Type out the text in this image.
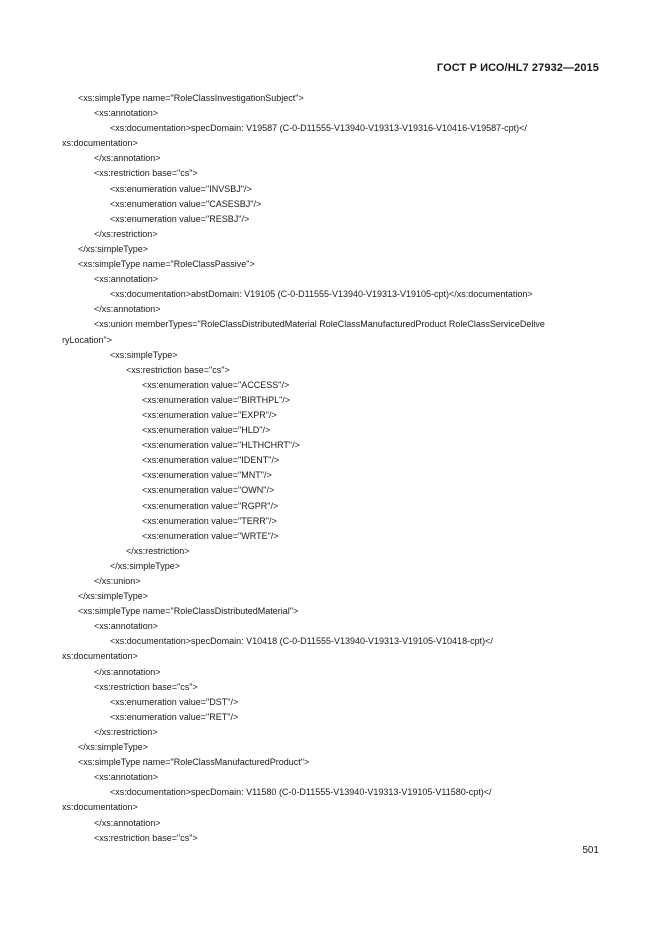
ГОСТ Р ИСО/HL7 27932—2015
<xs:simpleType name="RoleClassInvestigationSubject">
<xs:annotation>
<xs:documentation>specDomain: V19587 (C-0-D11555-V13940-V19313-V19316-V10416-V19587-cpt)</
xs:documentation>
</xs:annotation>
<xs:restriction base="cs">
<xs:enumeration value="INVSBJ"/>
<xs:enumeration value="CASESBJ"/>
<xs:enumeration value="RESBJ"/>
</xs:restriction>
</xs:simpleType>
<xs:simpleType name="RoleClassPassive">
<xs:annotation>
<xs:documentation>abstDomain: V19105 (C-0-D11555-V13940-V19313-V19105-cpt)</xs:documentation>
</xs:annotation>
<xs:union memberTypes="RoleClassDistributedMaterial RoleClassManufacturedProduct RoleClassServiceDelive
ryLocation">
<xs:simpleType>
<xs:restriction base="cs">
<xs:enumeration value="ACCESS"/>
<xs:enumeration value="BIRTHPL"/>
<xs:enumeration value="EXPR"/>
<xs:enumeration value="HLD"/>
<xs:enumeration value="HLTHCHRT"/>
<xs:enumeration value="IDENT"/>
<xs:enumeration value="MNT"/>
<xs:enumeration value="OWN"/>
<xs:enumeration value="RGPR"/>
<xs:enumeration value="TERR"/>
<xs:enumeration value="WRTE"/>
</xs:restriction>
</xs:simpleType>
</xs:union>
</xs:simpleType>
<xs:simpleType name="RoleClassDistributedMaterial">
<xs:annotation>
<xs:documentation>specDomain: V10418 (C-0-D11555-V13940-V19313-V19105-V10418-cpt)</
xs:documentation>
</xs:annotation>
<xs:restriction base="cs">
<xs:enumeration value="DST"/>
<xs:enumeration value="RET"/>
</xs:restriction>
</xs:simpleType>
<xs:simpleType name="RoleClassManufacturedProduct">
<xs:annotation>
<xs:documentation>specDomain: V11580 (C-0-D11555-V13940-V19313-V19105-V11580-cpt)</
xs:documentation>
</xs:annotation>
<xs:restriction base="cs">
501
